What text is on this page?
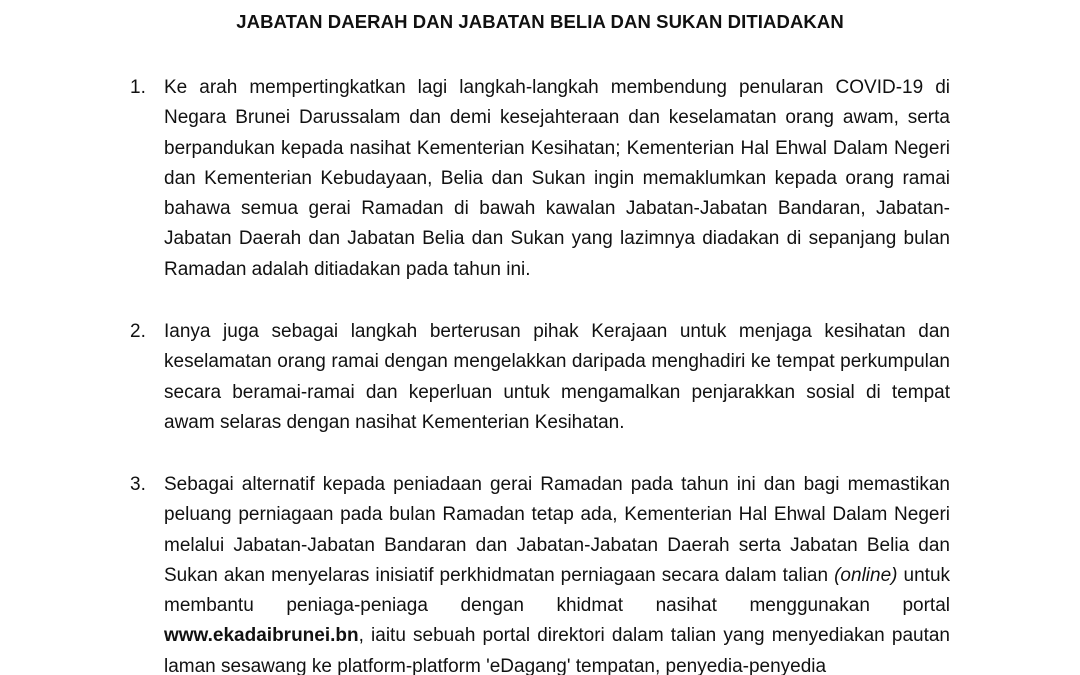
JABATAN DAERAH DAN JABATAN BELIA DAN SUKAN DITIADAKAN
1. Ke arah mempertingkatkan lagi langkah-langkah membendung penularan COVID-19 di Negara Brunei Darussalam dan demi kesejahteraan dan keselamatan orang awam, serta berpandukan kepada nasihat Kementerian Kesihatan; Kementerian Hal Ehwal Dalam Negeri dan Kementerian Kebudayaan, Belia dan Sukan ingin memaklumkan kepada orang ramai bahawa semua gerai Ramadan di bawah kawalan Jabatan-Jabatan Bandaran, Jabatan-Jabatan Daerah dan Jabatan Belia dan Sukan yang lazimnya diadakan di sepanjang bulan Ramadan adalah ditiadakan pada tahun ini.
2. Ianya juga sebagai langkah berterusan pihak Kerajaan untuk menjaga kesihatan dan keselamatan orang ramai dengan mengelakkan daripada menghadiri ke tempat perkumpulan secara beramai-ramai dan keperluan untuk mengamalkan penjarakkan sosial di tempat awam selaras dengan nasihat Kementerian Kesihatan.
3. Sebagai alternatif kepada peniadaan gerai Ramadan pada tahun ini dan bagi memastikan peluang perniagaan pada bulan Ramadan tetap ada, Kementerian Hal Ehwal Dalam Negeri melalui Jabatan-Jabatan Bandaran dan Jabatan-Jabatan Daerah serta Jabatan Belia dan Sukan akan menyelaras inisiatif perkhidmatan perniagaan secara dalam talian (online) untuk membantu peniaga-peniaga dengan khidmat nasihat menggunakan portal www.ekadaibrunei.bn, iaitu sebuah portal direktori dalam talian yang menyediakan pautan laman sesawang ke platform-platform 'eDagang' tempatan, penyedia-penyedia
